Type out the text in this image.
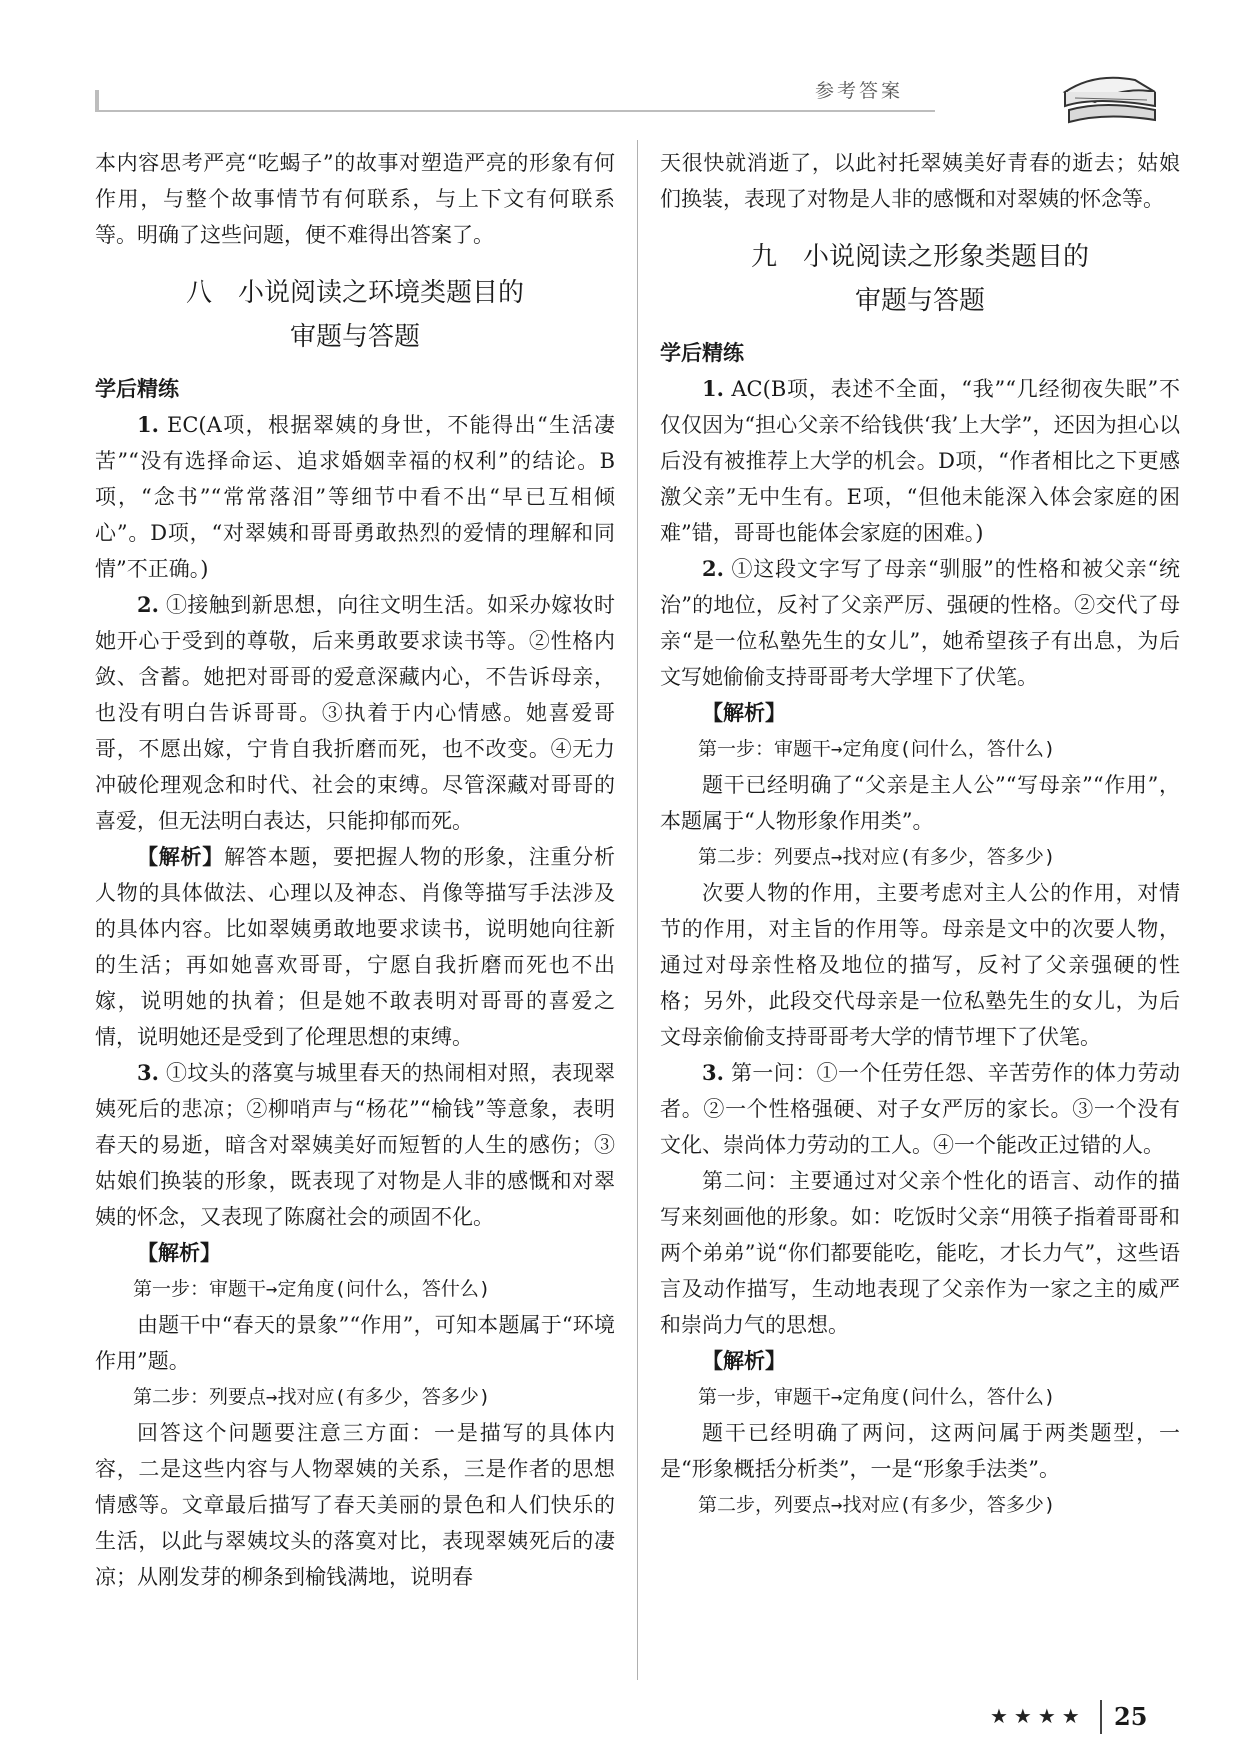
参考答案

本内容思考严亮“吃蝎子”的故事对塑造严亮的形象有何作用，与整个故事情节有何联系，与上下文有何联系等。明确了这些问题，便不难得出答案了。

八　小说阅读之环境类题目的
审题与答题

学后精练

1. EC(A项，根据翠姨的身世，不能得出“生活凄苦”“没有选择命运、追求婚姻幸福的权利”的结论。B项，“念书”“常常落泪”等细节中看不出“早已互相倾心”。D项，“对翠姨和哥哥勇敢热烈的爱情的理解和同情”不正确。)

2. ①接触到新思想，向往文明生活。如采办嫁妆时她开心于受到的尊敬，后来勇敢要求读书等。②性格内敛、含蓄。她把对哥哥的爱意深藏内心，不告诉母亲，也没有明白告诉哥哥。③执着于内心情感。她喜爱哥哥，不愿出嫁，宁肯自我折磨而死，也不改变。④无力冲破伦理观念和时代、社会的束缚。尽管深藏对哥哥的喜爱，但无法明白表达，只能抑郁而死。

【解析】解答本题，要把握人物的形象，注重分析人物的具体做法、心理以及神态、肖像等描写手法涉及的具体内容。比如翠姨勇敢地要求读书，说明她向往新的生活；再如她喜欢哥哥，宁愿自我折磨而死也不出嫁，说明她的执着；但是她不敢表明对哥哥的喜爱之情，说明她还是受到了伦理思想的束缚。

3. ①坟头的落寞与城里春天的热闹相对照，表现翠姨死后的悲凉；②柳哨声与“杨花”“榆钱”等意象，表明春天的易逝，暗含对翠姨美好而短暂的人生的感伤；③姑娘们换装的形象，既表现了对物是人非的感慨和对翠姨的怀念，又表现了陈腐社会的顽固不化。

【解析】

第一步：审题干→定角度(问什么，答什么)

由题干中“春天的景象”“作用”，可知本题属于“环境作用”题。

第二步：列要点→找对应(有多少，答多少)

回答这个问题要注意三方面：一是描写的具体内容，二是这些内容与人物翠姨的关系，三是作者的思想情感等。文章最后描写了春天美丽的景色和人们快乐的生活，以此与翠姨坟头的落寞对比，表现翠姨死后的凄凉；从刚发芽的柳条到榆钱满地，说明春

天很快就消逝了，以此衬托翠姨美好青春的逝去；姑娘们换装，表现了对物是人非的感慨和对翠姨的怀念等。

九　小说阅读之形象类题目的
审题与答题

学后精练

1. AC(B项，表述不全面，“我”“几经彻夜失眠”不仅仅因为“担心父亲不给钱供‘我’上大学”，还因为担心以后没有被推荐上大学的机会。D项，“作者相比之下更感激父亲”无中生有。E项，“但他未能深入体会家庭的困难”错，哥哥也能体会家庭的困难。)

2. ①这段文字写了母亲“驯服”的性格和被父亲“统治”的地位，反衬了父亲严厉、强硬的性格。②交代了母亲“是一位私塾先生的女儿”，她希望孩子有出息，为后文写她偷偷支持哥哥考大学埋下了伏笔。

【解析】

第一步：审题干→定角度(问什么，答什么)

题干已经明确了“父亲是主人公”“写母亲”“作用”，本题属于“人物形象作用类”。

第二步：列要点→找对应(有多少，答多少)

次要人物的作用，主要考虑对主人公的作用，对情节的作用，对主旨的作用等。母亲是文中的次要人物，通过对母亲性格及地位的描写，反衬了父亲强硬的性格；另外，此段交代母亲是一位私塾先生的女儿，为后文母亲偷偷支持哥哥考大学的情节埋下了伏笔。

3. 第一问：①一个任劳任怨、辛苦劳作的体力劳动者。②一个性格强硬、对子女严厉的家长。③一个没有文化、崇尚体力劳动的工人。④一个能改正过错的人。

第二问：主要通过对父亲个性化的语言、动作的描写来刻画他的形象。如：吃饭时父亲“用筷子指着哥哥和两个弟弟”说“你们都要能吃，能吃，才长力气”，这些语言及动作描写，生动地表现了父亲作为一家之主的威严和崇尚力气的思想。

【解析】

第一步，审题干→定角度(问什么，答什么)

题干已经明确了两问，这两问属于两类题型，一是“形象概括分析类”，一是“形象手法类”。

第二步，列要点→找对应(有多少，答多少)

★★★★ 25
